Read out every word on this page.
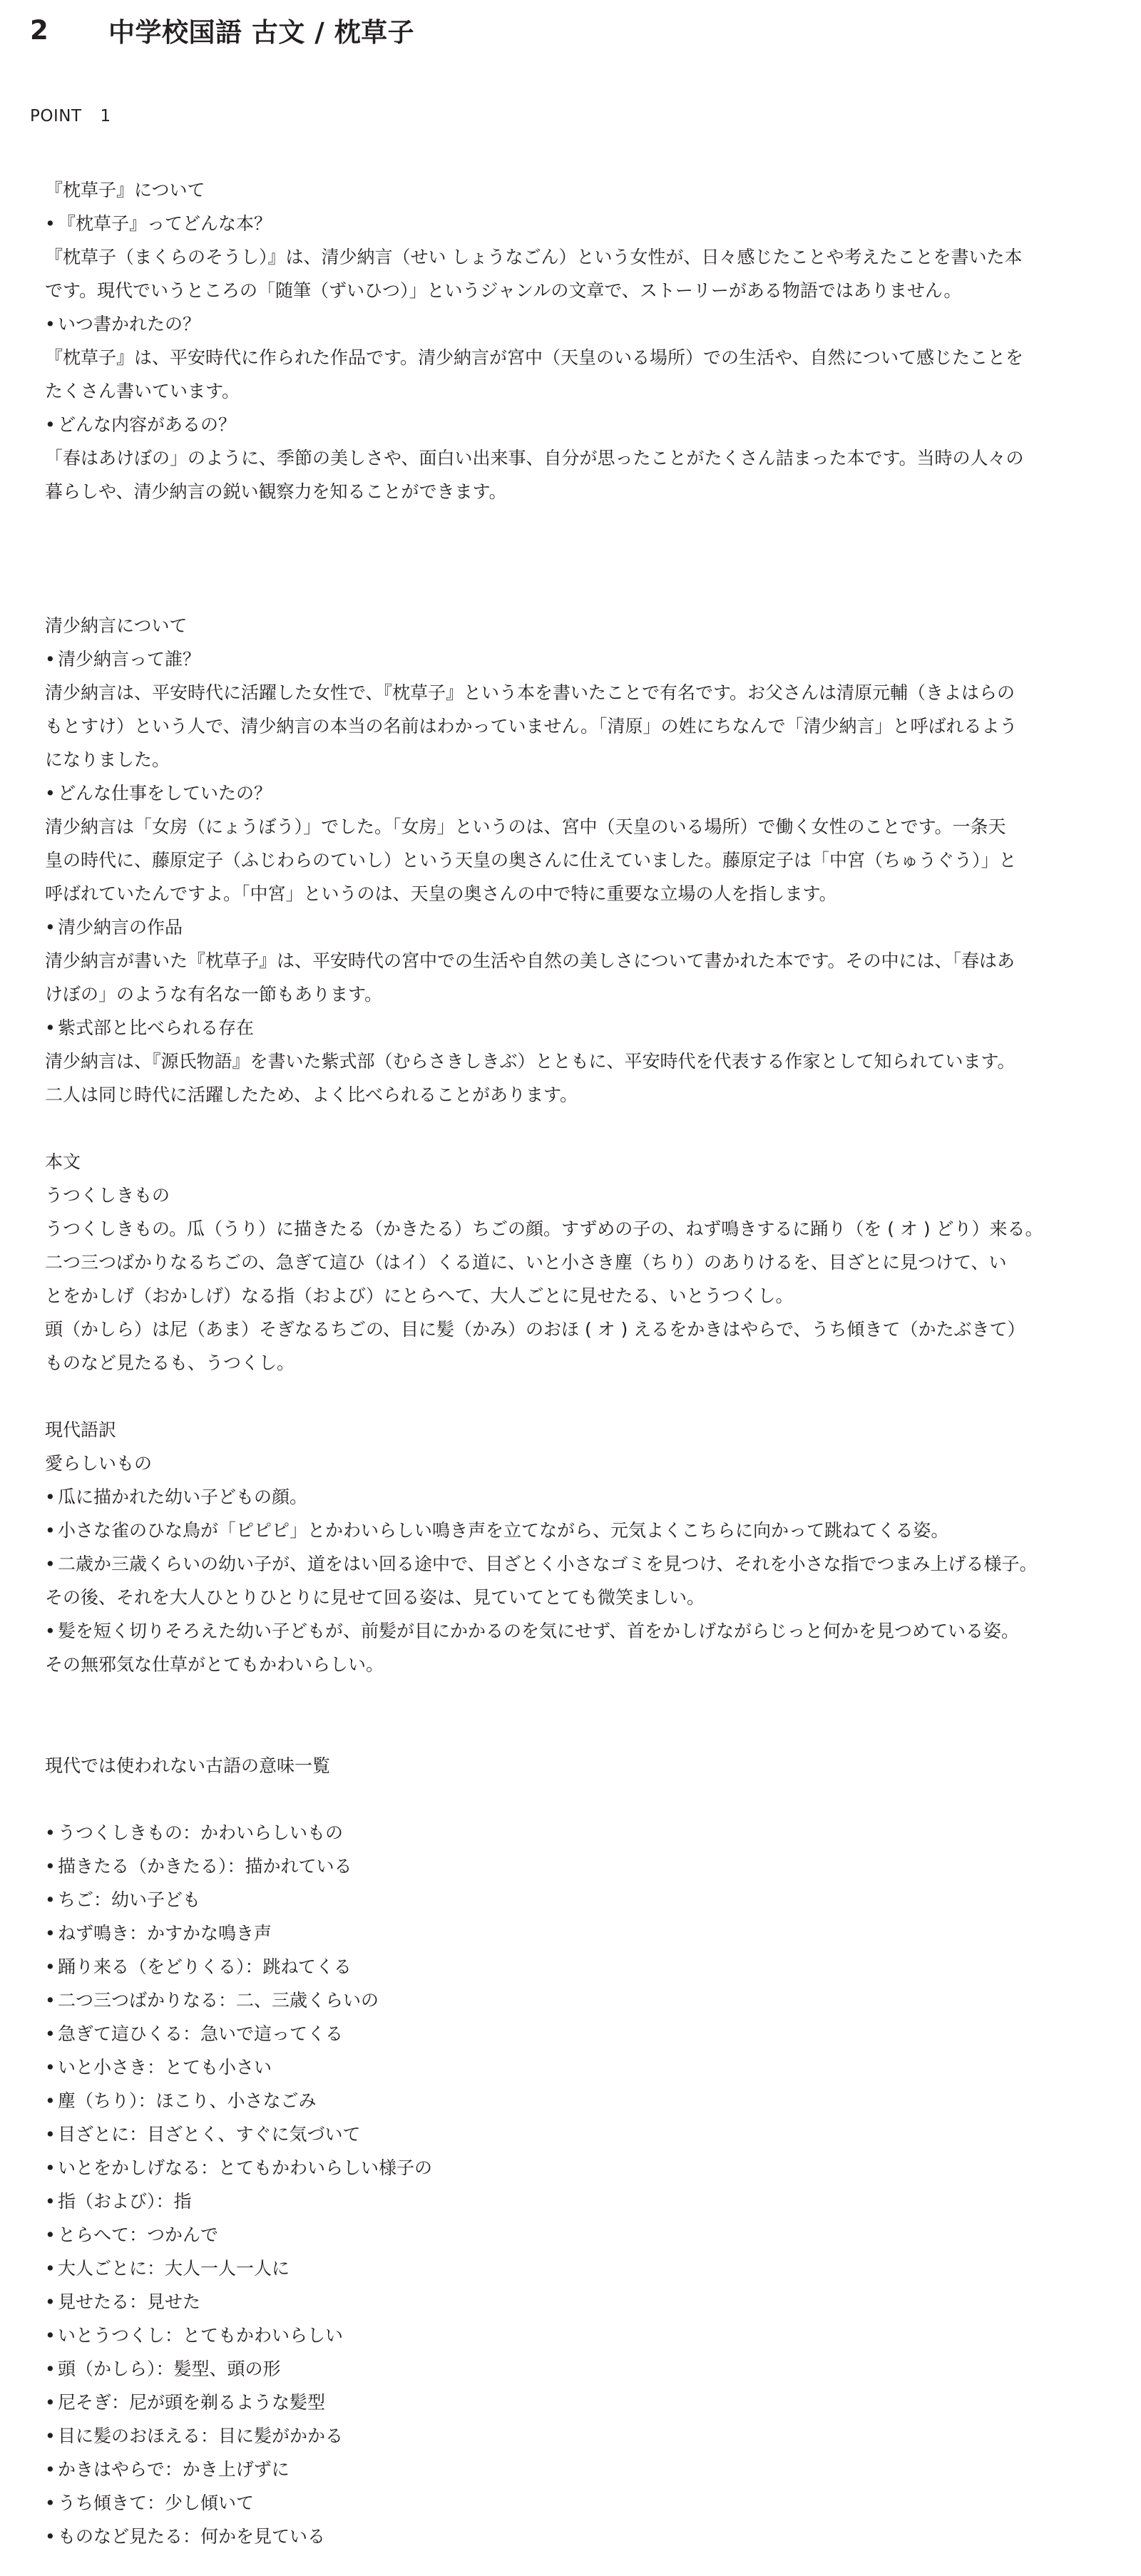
2	中学校国語 古文 / 枕草子
POINT 1

『枕草子』について

• 『枕草子』ってどんな本？

『枕草子（まくらのそうし）』は、清少納言（せい しょうなごん）という女性が、日々感じたことや考えたことを書いた本

です。現代でいうところの「随筆（ずいひつ）」というジャンルの文章で、ストーリーがある物語ではありません。

• いつ書かれたの？

『枕草子』は、平安時代に作られた作品です。清少納言が宮中（天皇のいる場所）での生活や、自然について感じたことを

たくさん書いています。

• どんな内容があるの？

「春はあけぼの」のように、季節の美しさや、面白い出来事、自分が思ったことがたくさん詰まった本です。当時の人々の

暮らしや、清少納言の鋭い観察力を知ることができます。

清少納言について

• 清少納言って誰？

清少納言は、平安時代に活躍した女性で、『枕草子』という本を書いたことで有名です。お父さんは清原元輔（きよはらの

もとすけ）という人で、清少納言の本当の名前はわかっていません。「清原」の姓にちなんで「清少納言」と呼ばれるよう

になりました。

• どんな仕事をしていたの？

清少納言は「女房（にょうぼう）」でした。「女房」というのは、宮中（天皇のいる場所）で働く女性のことです。一条天

皇の時代に、藤原定子（ふじわらのていし）という天皇の奥さんに仕えていました。藤原定子は「中宮（ちゅうぐう）」と

呼ばれていたんですよ。「中宮」というのは、天皇の奥さんの中で特に重要な立場の人を指します。

• 清少納言の作品

清少納言が書いた『枕草子』は、平安時代の宮中での生活や自然の美しさについて書かれた本です。その中には、「春はあ

けぼの」のような有名な一節もあります。

• 紫式部と比べられる存在

清少納言は、『源氏物語』を書いた紫式部（むらさきしきぶ）とともに、平安時代を代表する作家として知られています。

二人は同じ時代に活躍したため、よく比べられることがあります。

本文

うつくしきもの

うつくしきもの。瓜（うり）に描きたる（かきたる）ちごの顔。すずめの子の、ねず鳴きするに踊り（を ( オ ) どり）来る。

二つ三つばかりなるちごの、急ぎて這ひ（はイ）くる道に、いと小さき塵（ちり）のありけるを、目ざとに見つけて、い

とをかしげ（おかしげ）なる指（および）にとらへて、大人ごとに見せたる、いとうつくし。

頭（かしら）は尼（あま）そぎなるちごの、目に髪（かみ）のおほ ( オ ) えるをかきはやらで、うち傾きて（かたぶきて）

ものなど見たるも、うつくし。

現代語訳

愛らしいもの

• 瓜に描かれた幼い子どもの顔。

• 小さな雀のひな鳥が「ピピピ」とかわいらしい鳴き声を立てながら、元気よくこちらに向かって跳ねてくる姿。

• 二歳か三歳くらいの幼い子が、道をはい回る途中で、目ざとく小さなゴミを見つけ、それを小さな指でつまみ上げる様子。

その後、それを大人ひとりひとりに見せて回る姿は、見ていてとても微笑ましい。

• 髪を短く切りそろえた幼い子どもが、前髪が目にかかるのを気にせず、首をかしげながらじっと何かを見つめている姿。

その無邪気な仕草がとてもかわいらしい。

現代では使われない古語の意味一覧

• うつくしきもの：かわいらしいもの

• 描きたる（かきたる）：描かれている

• ちご：幼い子ども

• ねず鳴き：かすかな鳴き声

• 踊り来る（をどりくる）：跳ねてくる

• 二つ三つばかりなる：二、三歳くらいの

• 急ぎて這ひくる：急いで這ってくる

• いと小さき：とても小さい

• 塵（ちり）：ほこり、小さなごみ

• 目ざとに：目ざとく、すぐに気づいて

• いとをかしげなる：とてもかわいらしい様子の

• 指（および）：指

• とらへて：つかんで

• 大人ごとに：大人一人一人に

• 見せたる：見せた

• いとうつくし：とてもかわいらしい

• 頭（かしら）：髪型、頭の形

• 尼そぎ：尼が頭を剃るような髪型

• 目に髪のおほえる：目に髪がかかる

• かきはやらで：かき上げずに

• うち傾きて：少し傾いて

• ものなど見たる：何かを見ている
